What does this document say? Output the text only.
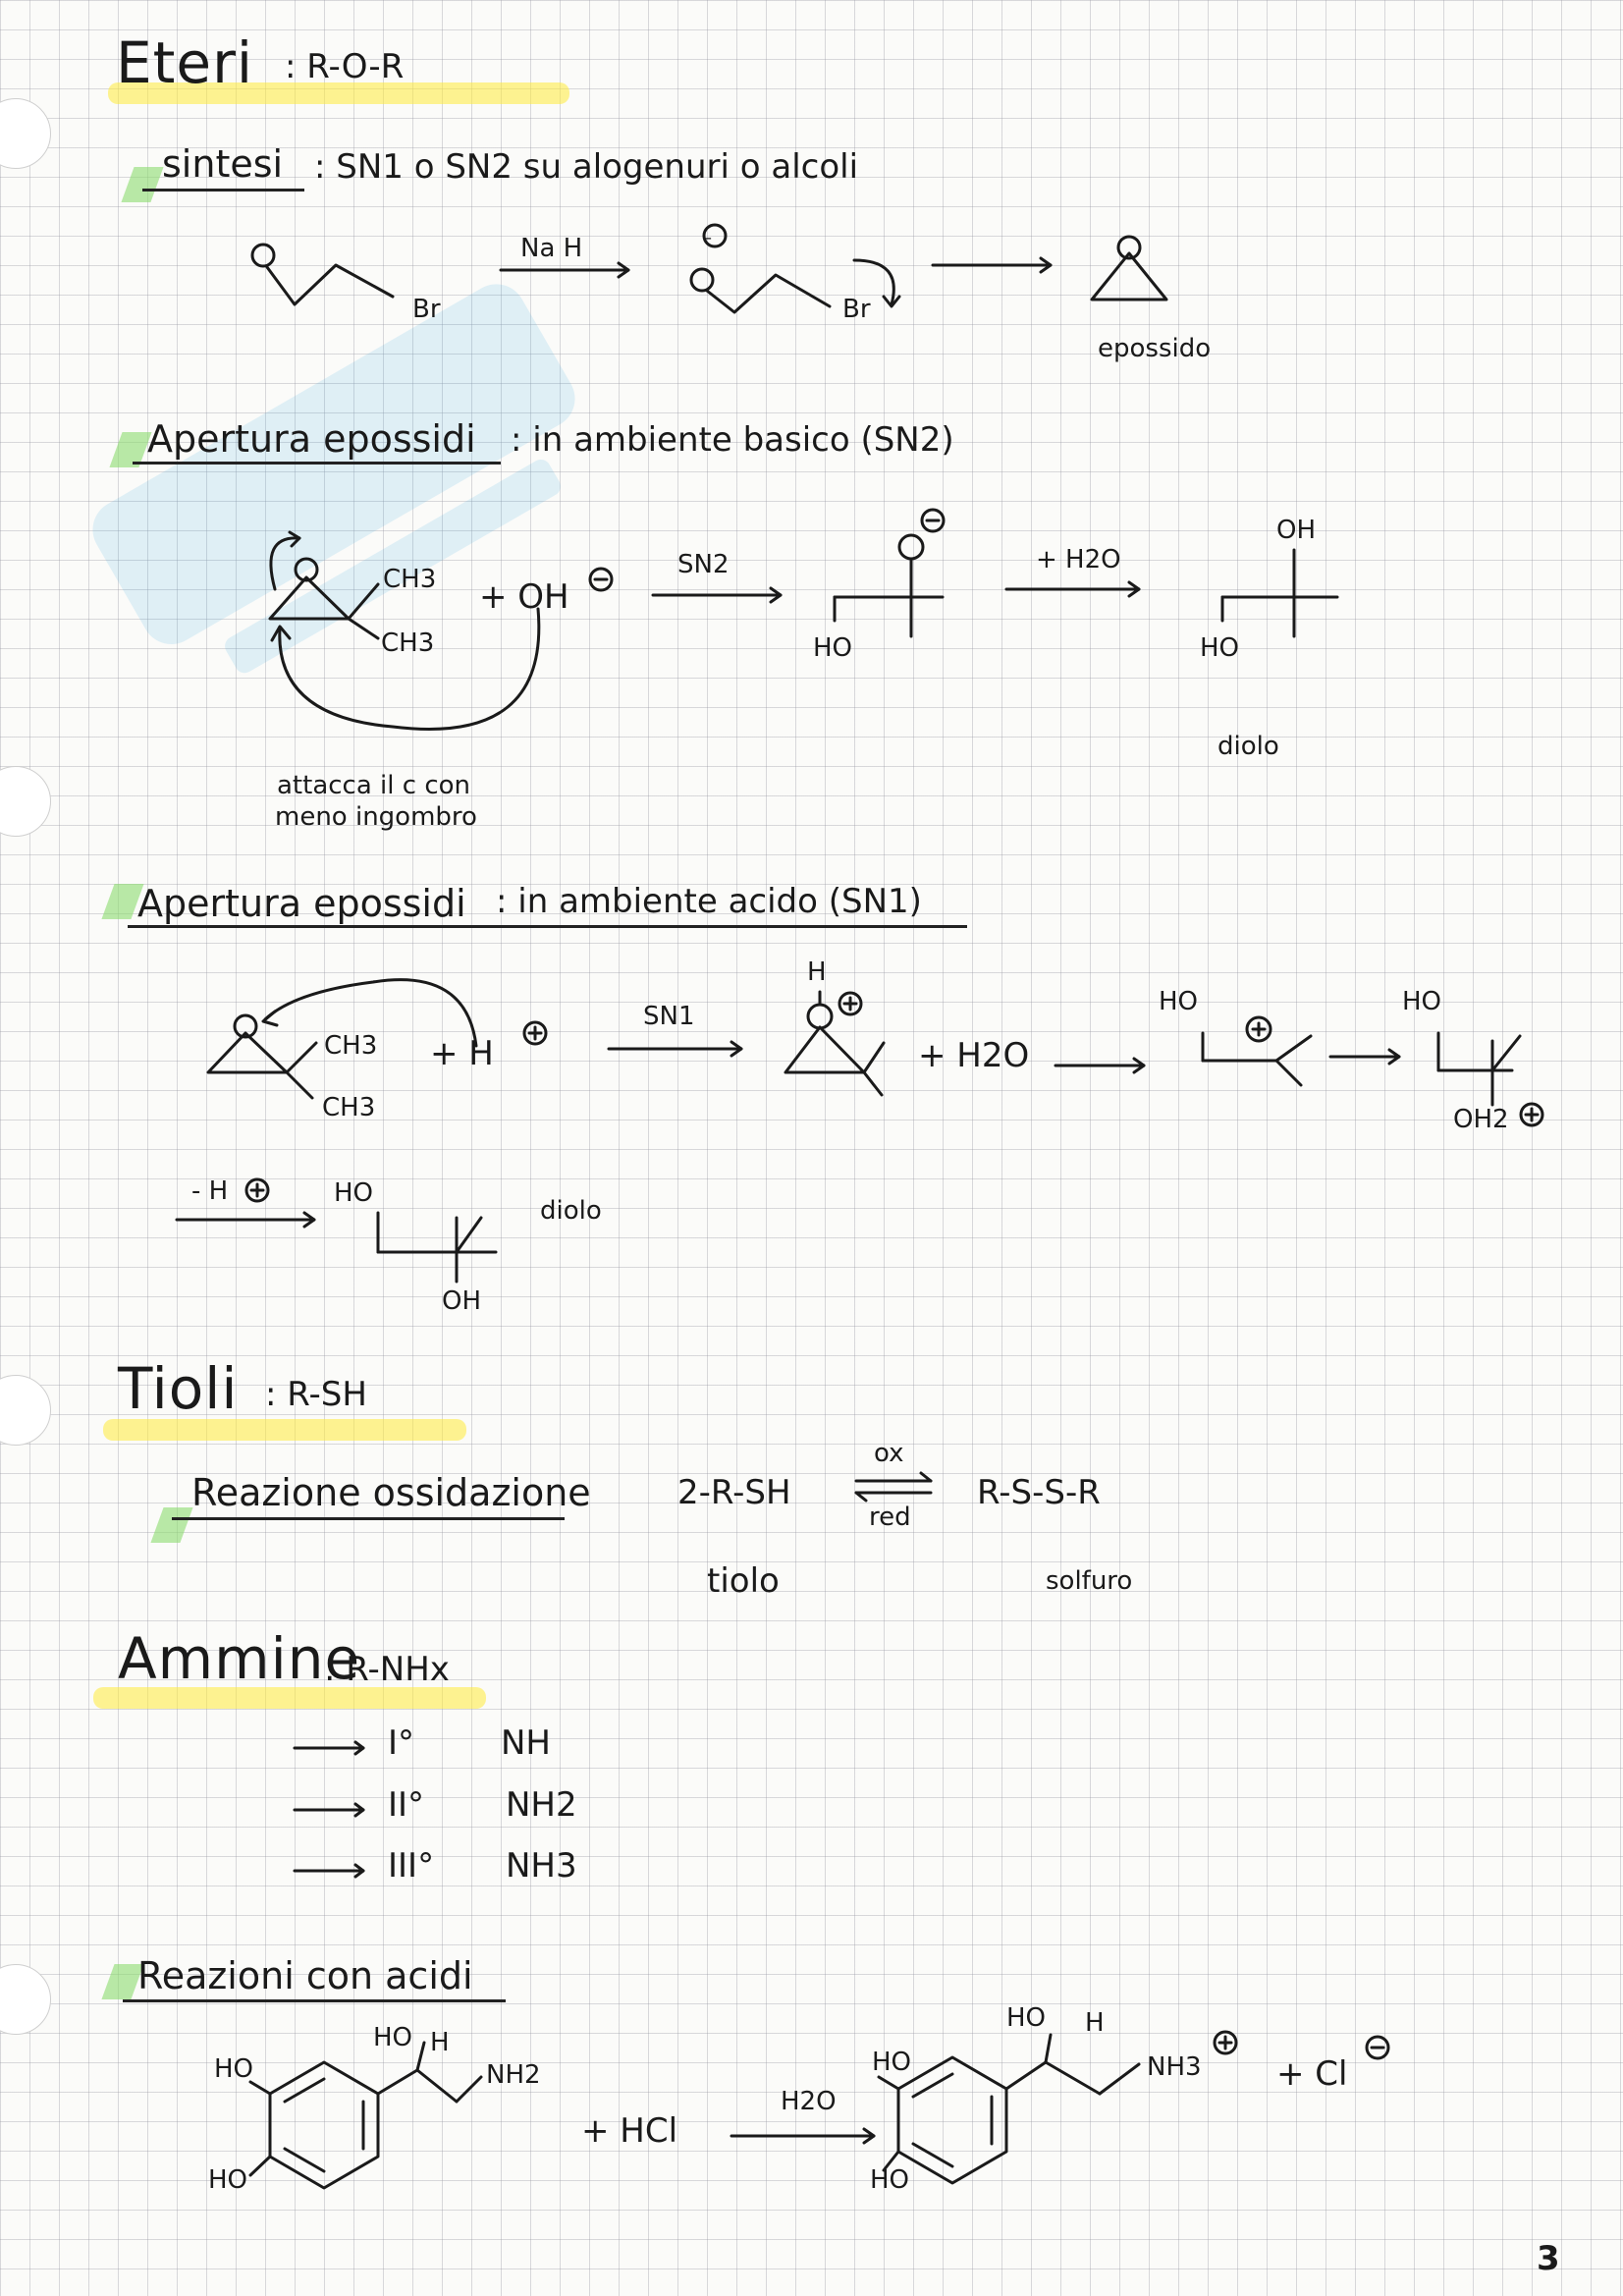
Eteri : R-O-R
sintesi : SN1 o SN2 su alogenuri o alcoli
–
Na H
Br	Br
epossido
Apertura epossidi : in ambiente basico (SN2)
CH3
CH3
+ OH
SN2	+ H2O
HO	HO
OH
diolo
attacca il c con
meno ingombro
Apertura epossidi : in ambiente acido (SN1)
CH3
CH3
+ H
SN1
H
+ H2O
HO	HO
OH2
- H	HO
OH
diolo
Tioli : R-SH
Reazione ossidazione	2-R-SH
ox
red
R-S-S-R
tiolo	solfuro
Ammine
: R-NHx
I°	NH
II° NH2
III° NH3
Reazioni con acidi
HO
HO
HO H
NH2
+ HCl
H2O
HO
HO
HO H
NH3 + Cl
3
